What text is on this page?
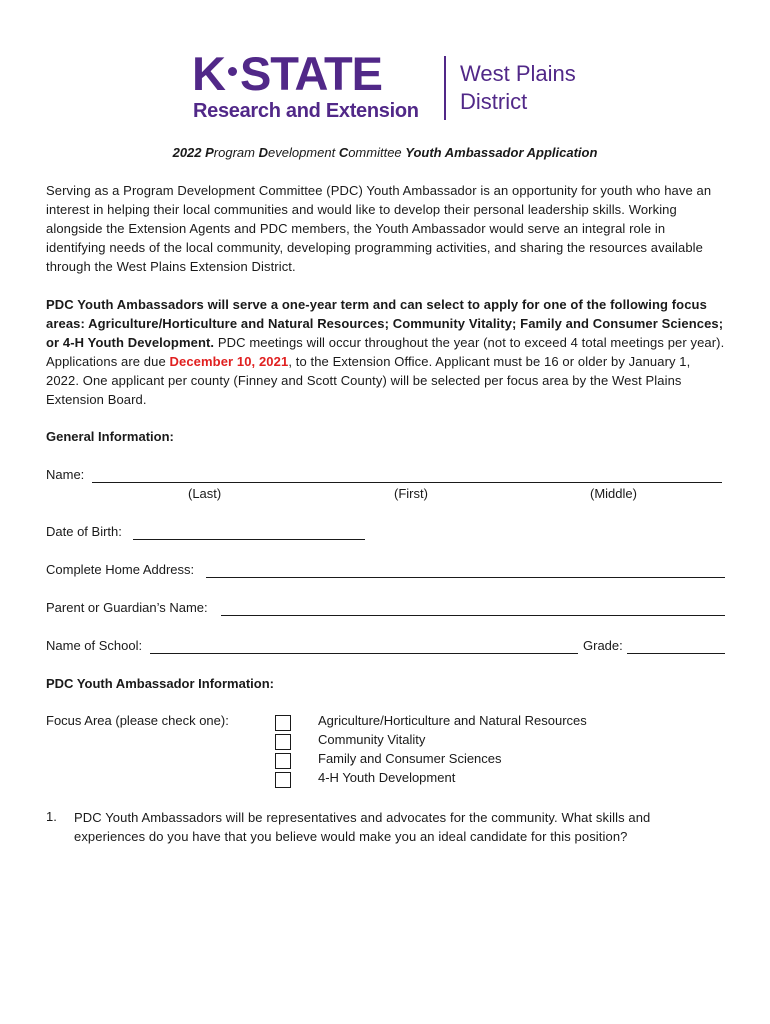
K STATE
Research and Extension
West Plains
District
2022 Program Development Committee Youth Ambassador Application
Serving as a Program Development Committee (PDC) Youth Ambassador is an opportunity for youth who have an interest in helping their local communities and would like to develop their personal leadership skills. Working alongside the Extension Agents and PDC members, the Youth Ambassador would serve an integral role in identifying needs of the local community, developing programming activities, and sharing the resources available through the West Plains Extension District.
PDC Youth Ambassadors will serve a one-year term and can select to apply for one of the following focus areas: Agriculture/Horticulture and Natural Resources; Community Vitality; Family and Consumer Sciences; or 4-H Youth Development. PDC meetings will occur throughout the year (not to exceed 4 total meetings per year). Applications are due December 10, 2021, to the Extension Office. Applicant must be 16 or older by January 1, 2022. One applicant per county (Finney and Scott County) will be selected per focus area by the West Plains Extension Board.
General Information:
Name:
(Last)	(First)	(Middle)
Date of Birth:
Complete Home Address:
Parent or Guardian’s Name:
Name of School:	Grade:
PDC Youth Ambassador Information:
Focus Area (please check one):	Agriculture/Horticulture and Natural Resources
Community Vitality
Family and Consumer Sciences
4-H Youth Development
1. PDC Youth Ambassadors will be representatives and advocates for the community. What skills and experiences do you have that you believe would make you an ideal candidate for this position?
